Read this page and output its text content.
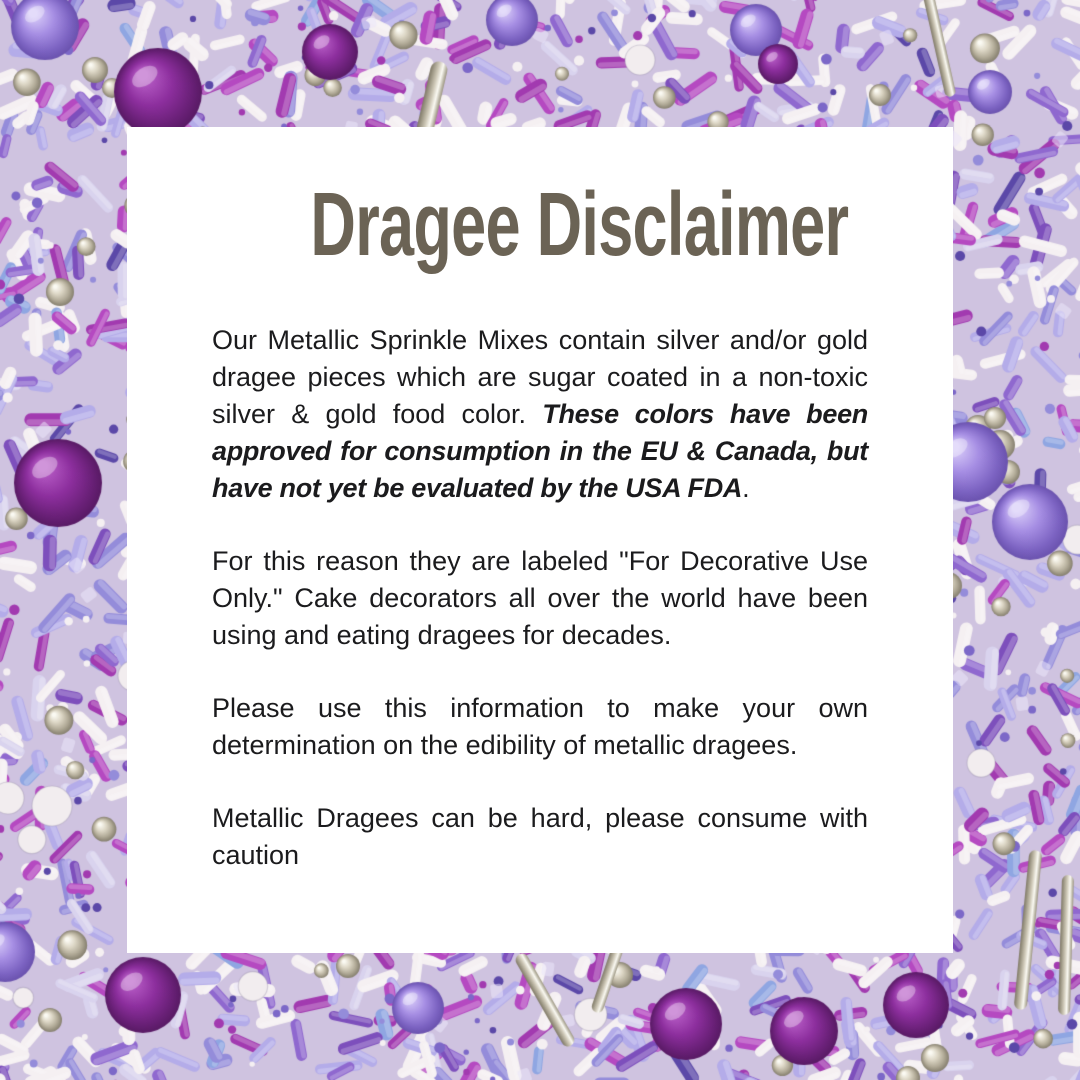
Dragee Disclaimer

Our Metallic Sprinkle Mixes contain silver and/or gold dragee pieces which are sugar coated in a non-toxic silver & gold food color. These colors have been approved for consumption in the EU & Canada, but have not yet be evaluated by the USA FDA.

For this reason they are labeled "For Decorative Use Only." Cake decorators all over the world have been using and eating dragees for decades.

Please use this information to make your own determination on the edibility of metallic dragees.

Metallic Dragees can be hard, please consume with caution
